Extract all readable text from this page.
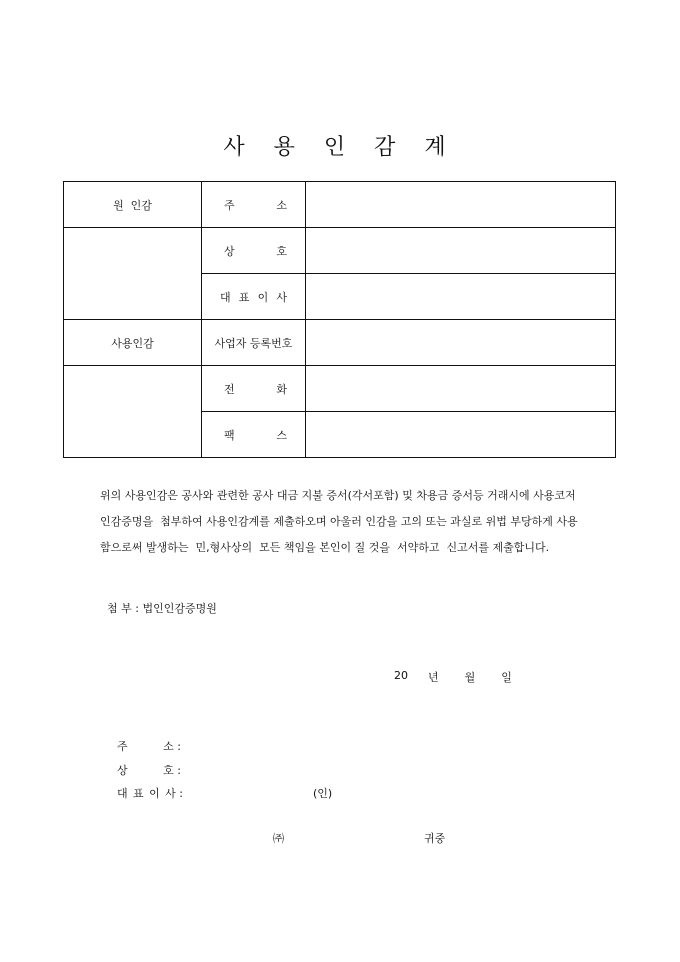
사 용 인 감 계
원  인감	주 소	

	상 호	

	대 표 이 사	

사용인감	사업자 등록번호	

	전 화	

	팩 스	

위의 사용인감은 공사와 관련한 공사 대금 지불 증서(각서포함) 및 차용금 증서등 거래시에 사용코저

인감증명을  첨부하여 사용인감계를 제출하오며 아울러 인감을 고의 또는 과실로 위법 부당하게 사용

함으로써 발생하는  민,형사상의  모든 책임을 본인이 질 것을  서약하고  신고서를 제출합니다.

첨 부 : 법인인감증명원
20 년 월 일
주	소 :
상	호 :
대 표 이 사 :	(인)
㈜	귀중
